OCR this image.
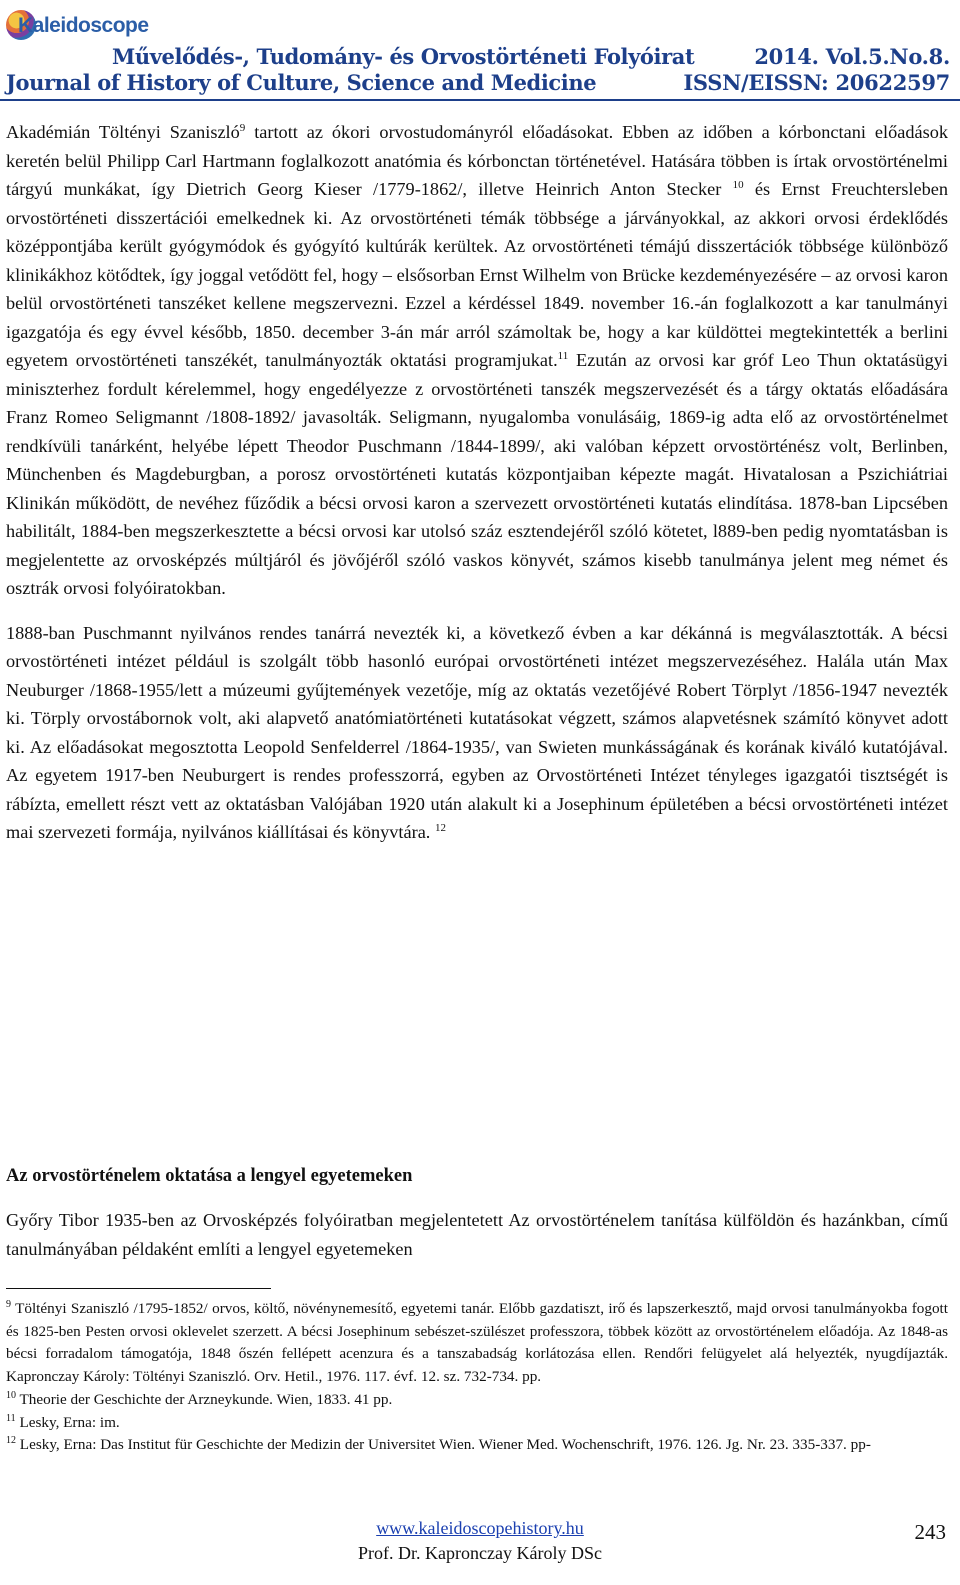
Kaleidoscope
Művelődés-, Tudomány- és Orvostörténeti Folyóirat	2014. Vol.5.No.8.
Journal of History of Culture, Science and Medicine	ISSN/EISSN: 20622597

Akadémián Töltényi Szaniszló$^9$ tartott az ókori orvostudományról előadásokat. Ebben az időben a kórbonctani előadások keretén belül Philipp Carl Hartmann foglalkozott anatómia és kórbonctan történetével. Hatására többen is írtak orvostörténelmi tárgyú munkákat, így Dietrich Georg Kieser /1779-1862/, illetve Heinrich Anton Stecker $^{10}$ és Ernst Freuchtersleben orvostörténeti disszertációi emelkednek ki. Az orvostörténeti témák többsége a járványokkal, az akkori orvosi érdeklődés középpontjába került gyógymódok és gyógyító kultúrák kerültek. Az orvostörténeti témájú disszertációk többsége különböző klinikákhoz kötődtek, így joggal vetődött fel, hogy – elsősorban Ernst Wilhelm von Brücke kezdeményezésére – az orvosi karon belül orvostörténeti tanszéket kellene megszervezni. Ezzel a kérdéssel 1849. november 16.-án foglalkozott a kar tanulmányi igazgatója és egy évvel később, 1850. december 3-án már arról számoltak be, hogy a kar küldöttei megtekintették a berlini egyetem orvostörténeti tanszékét, tanulmányozták oktatási programjukat.$^{11}$ Ezután az orvosi kar gróf Leo Thun oktatásügyi miniszterhez fordult kérelemmel, hogy engedélyezze z orvostörténeti tanszék megszervezését és a tárgy oktatás előadására Franz Romeo Seligmannt /1808-1892/ javasolták. Seligmann, nyugalomba vonulásáig, 1869-ig adta elő az orvostörténelmet rendkívüli tanárként, helyébe lépett Theodor Puschmann /1844-1899/, aki valóban képzett orvostörténész volt, Berlinben, Münchenben és Magdeburgban, a porosz orvostörténeti kutatás központjaiban képezte magát. Hivatalosan a Pszichiátriai Klinikán működött, de nevéhez fűződik a bécsi orvosi karon a szervezett orvostörténeti kutatás elindítása. 1878-ban Lipcsében habilitált, 1884-ben megszerkesztette a bécsi orvosi kar utolsó száz esztendejéről szóló kötetet, l889-ben pedig nyomtatásban is megjelentette az orvosképzés múltjáról és jövőjéről szóló vaskos könyvét, számos kisebb tanulmánya jelent meg német és osztrák orvosi folyóiratokban.

1888-ban Puschmannt nyilvános rendes tanárrá nevezték ki, a következő évben a kar dékánná is megválasztották. A bécsi orvostörténeti intézet például is szolgált több hasonló európai orvostörténeti intézet megszervezéséhez. Halála után Max Neuburger /1868-1955/lett a múzeumi gyűjtemények vezetője, míg az oktatás vezetőjévé Robert Törplyt /1856-1947 nevezték ki. Törply orvostábornok volt, aki alapvető anatómiatörténeti kutatásokat végzett, számos alapvetésnek számító könyvet adott ki. Az előadásokat megosztotta Leopold Senfelderrel /1864-1935/, van Swieten munkásságának és korának kiváló kutatójával. Az egyetem 1917-ben Neuburgert is rendes professzorrá, egyben az Orvostörténeti Intézet tényleges igazgatói tisztségét is rábízta, emellett részt vett az oktatásban Valójában 1920 után alakult ki a Josephinum épületében a bécsi orvostörténeti intézet mai szervezeti formája, nyilvános kiállításai és könyvtára. $^{12}$

Az orvostörténelem oktatása a lengyel egyetemeken

Győry Tibor 1935-ben az Orvosképzés folyóiratban megjelentetett Az orvostörténelem tanítása külföldön és hazánkban, című tanulmányában példaként említi a lengyel egyetemeken

$^9$ Töltényi Szaniszló /1795-1852/ orvos, költő, növénynemesítő, egyetemi tanár. Előbb gazdatiszt, irő és lapszerkesztő, majd orvosi tanulmányokba fogott és 1825-ben Pesten orvosi oklevelet szerzett. A bécsi Josephinum sebészet-szülészet professzora, többek között az orvostörténelem előadója. Az 1848-as bécsi forradalom támogatója, 1848 őszén fellépett acenzura és a tanszabadság korlátozása ellen. Rendőri felügyelet alá helyezték, nyugdíjazták. Kapronczay Károly: Töltényi Szaniszló. Orv. Hetil., 1976. 117. évf. 12. sz. 732-734. pp.

$^{10}$ Theorie der Geschichte der Arzneykunde. Wien, 1833. 41 pp.

$^{11}$ Lesky, Erna: im.

$^{12}$ Lesky, Erna: Das Institut für Geschichte der Medizin der Universitet Wien. Wiener Med. Wochenschrift, 1976. 126. Jg. Nr. 23. 335-337. pp-

www.kaleidoscopehistory.hu
Prof. Dr. Kapronczay Károly DSc
243
